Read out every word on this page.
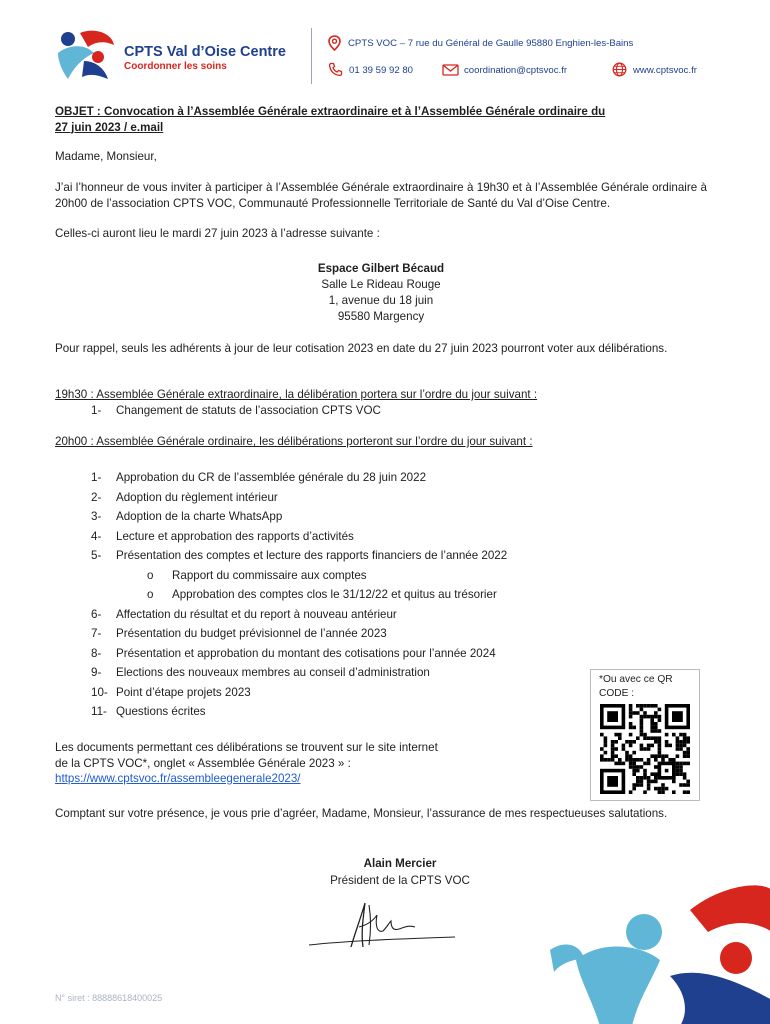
CPTS Val d’Oise Centre
Coordonner les soins
CPTS VOC – 7 rue du Général de Gaulle 95880 Enghien-les-Bains
01 39 59 92 80	coordination@cptsvoc.fr	www.cptsvoc.fr
OBJET : Convocation à l’Assemblée Générale extraordinaire et à l’Assemblée Générale ordinaire du
27 juin 2023 / e.mail
Madame, Monsieur,
J’ai l’honneur de vous inviter à participer à l’Assemblée Générale extraordinaire à 19h30 et à l’Assemblée Générale ordinaire à 20h00 de l’association CPTS VOC, Communauté Professionnelle Territoriale de Santé du Val d’Oise Centre.
Celles-ci auront lieu le mardi 27 juin 2023 à l’adresse suivante :
Espace Gilbert Bécaud
Salle Le Rideau Rouge
1, avenue du 18 juin
95580 Margency
Pour rappel, seuls les adhérents à jour de leur cotisation 2023 en date du 27 juin 2023 pourront voter aux délibérations.
19h30 : Assemblée Générale extraordinaire, la délibération portera sur l’ordre du jour suivant :
1-	Changement de statuts de l’association CPTS VOC
20h00 : Assemblée Générale ordinaire, les délibérations porteront sur l’ordre du jour suivant :
1-	Approbation du CR de l’assemblée générale du 28 juin 2022
2-	Adoption du règlement intérieur
3-	Adoption de la charte WhatsApp
4-	Lecture et approbation des rapports d’activités
5-	Présentation des comptes et lecture des rapports financiers de l’année 2022
6-	Affectation du résultat et du report à nouveau antérieur
7-	Présentation du budget prévisionnel de l’année 2023
8-	Présentation et approbation du montant des cotisations pour l’année 2024
9-	Elections des nouveaux membres au conseil d’administration
10- Point d’étape projets 2023
11- Questions écrites
o Rapport du commissaire aux comptes
o Approbation des comptes clos le 31/12/22 et quitus au trésorier
*Ou avec ce QR CODE :
Les documents permettant ces délibérations se trouvent sur le site internet
de la CPTS VOC*, onglet « Assemblée Générale 2023 » :
https://www.cptsvoc.fr/assembleegenerale2023/
Comptant sur votre présence, je vous prie d’agréer, Madame, Monsieur, l’assurance de mes respectueuses salutations.
Alain Mercier
Président de la CPTS VOC
N° siret : 88888618400025
